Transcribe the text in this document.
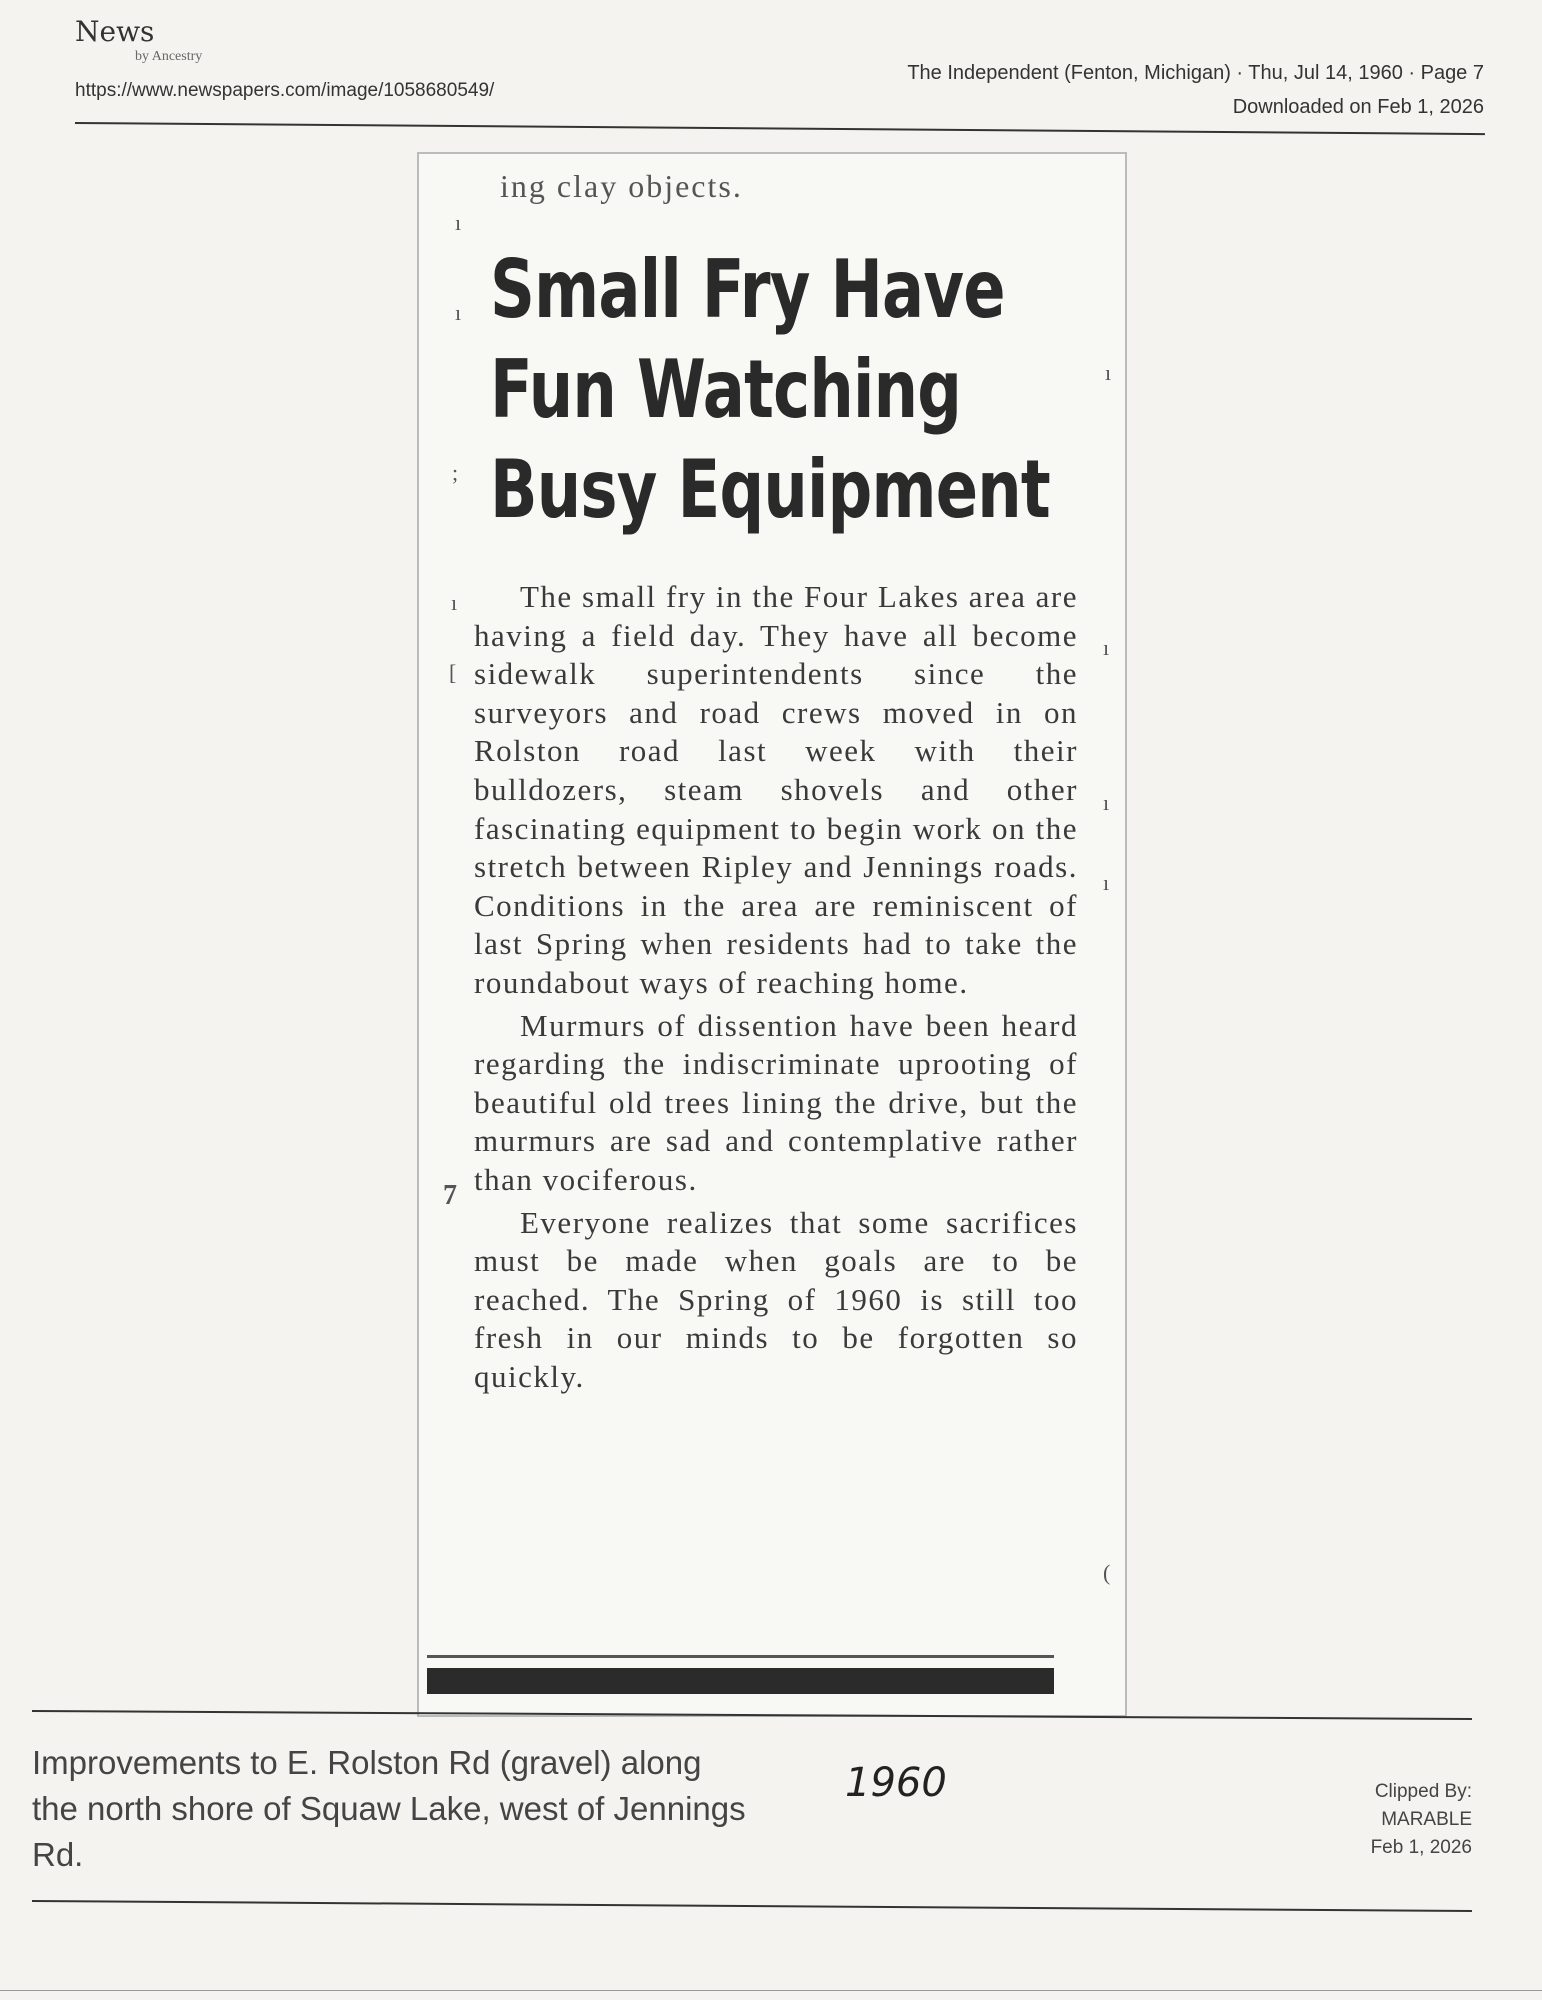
News
by Ancestry
https://www.newspapers.com/image/1058680549/
The Independent (Fenton, Michigan) · Thu, Jul 14, 1960 · Page 7
Downloaded on Feb 1, 2026
ı
ı
;
ı
[
7
ı
ı
ı
ı
(
ing clay objects.
Small Fry Have
Fun Watching
Busy Equipment

The small fry in the Four Lakes area are having a field day. They have all become sidewalk superintendents since the surveyors and road crews moved in on Rolston road last week with their bulldozers, steam shovels and other fascinating equipment to begin work on the stretch between Ripley and Jennings roads. Conditions in the area are reminiscent of last Spring when residents had to take the roundabout ways of reaching home.

Murmurs of dissention have been heard regarding the indiscriminate uprooting of beautiful old trees lining the drive, but the murmurs are sad and contemplative rather than vociferous.

Everyone realizes that some sacrifices must be made when goals are to be reached. The Spring of 1960 is still too fresh in our minds to be forgotten so quickly.

Improvements to E. Rolston Rd (gravel) along the north shore of Squaw Lake, west of Jennings Rd.
1960	Clipped By:
MARABLE
Feb 1, 2026
